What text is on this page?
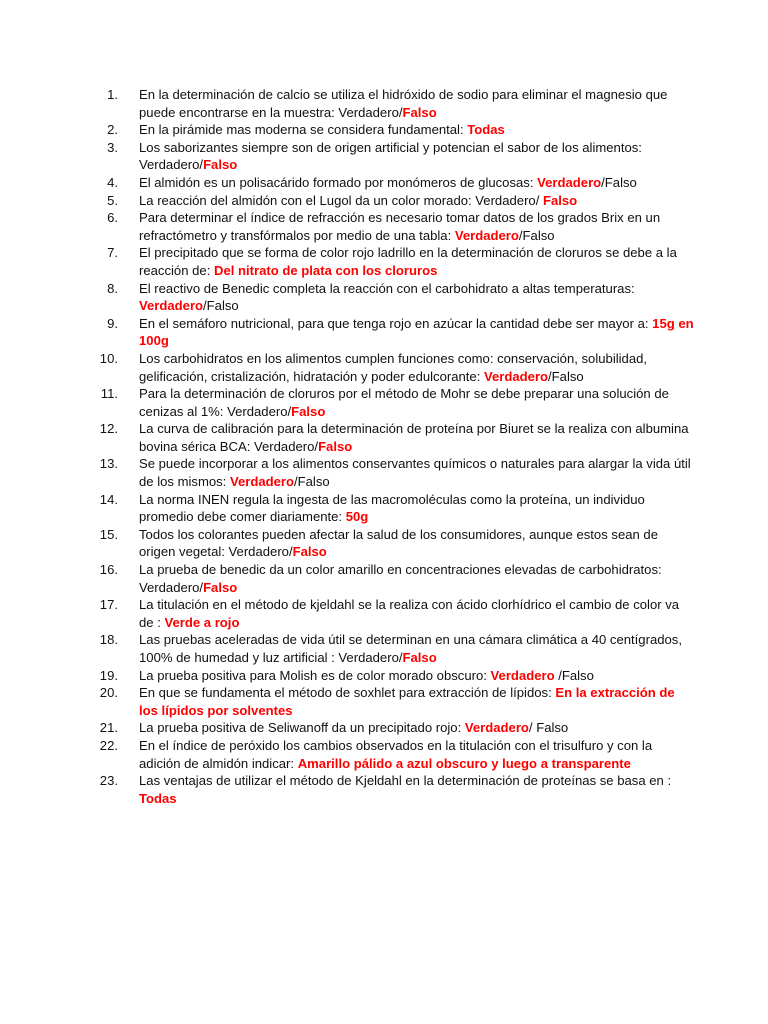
1. En la determinación de calcio se utiliza el hidróxido de sodio para eliminar el magnesio que puede encontrarse en la muestra: Verdadero/Falso
2. En la pirámide mas moderna se considera fundamental: Todas
3. Los saborizantes siempre son de origen artificial y potencian el sabor de los alimentos: Verdadero/Falso
4. El almidón es un polisacárido formado por monómeros de glucosas: Verdadero/Falso
5. La reacción del almidón con el Lugol da un color morado: Verdadero/ Falso
6. Para determinar el índice de refracción es necesario tomar datos de los grados Brix en un refractómetro y transfórmalos por medio de una tabla: Verdadero/Falso
7. El precipitado que se forma de color rojo ladrillo en la determinación de cloruros se debe a la reacción de: Del nitrato de plata con los cloruros
8. El reactivo de Benedic completa la reacción con el carbohidrato a altas temperaturas: Verdadero/Falso
9. En el semáforo nutricional, para que tenga rojo en azúcar la cantidad debe ser mayor a: 15g en 100g
10. Los carbohidratos en los alimentos cumplen funciones como: conservación, solubilidad, gelificación, cristalización, hidratación y poder edulcorante: Verdadero/Falso
11. Para la determinación de cloruros por el método de Mohr se debe preparar una solución de cenizas al 1%: Verdadero/Falso
12. La curva de calibración para la determinación de proteína por Biuret se la realiza con albumina bovina sérica BCA: Verdadero/Falso
13. Se puede incorporar a los alimentos conservantes químicos o naturales para alargar la vida útil de los mismos: Verdadero/Falso
14. La norma INEN regula la ingesta de las macromoléculas como la proteína, un individuo promedio debe comer diariamente: 50g
15. Todos los colorantes pueden afectar la salud de los consumidores, aunque estos sean de origen vegetal: Verdadero/Falso
16. La prueba de benedic da un color amarillo en concentraciones elevadas de carbohidratos: Verdadero/Falso
17. La titulación en el método de kjeldahl se la realiza con ácido clorhídrico el cambio de color va de : Verde a rojo
18. Las pruebas aceleradas de vida útil se determinan en una cámara climática a 40 centígrados, 100% de humedad y luz artificial : Verdadero/Falso
19. La prueba positiva para Molish es de color morado obscuro: Verdadero /Falso
20. En que se fundamenta el método de soxhlet para extracción de lípidos: En la extracción de los lípidos por solventes
21. La prueba positiva de Seliwanoff da un precipitado rojo: Verdadero/ Falso
22. En el índice de peróxido los cambios observados en la titulación con el trisulfuro y con la adición de almidón indicar: Amarillo pálido a azul obscuro y luego a transparente
23. Las ventajas de utilizar el método de Kjeldahl en la determinación de proteínas se basa en : Todas
